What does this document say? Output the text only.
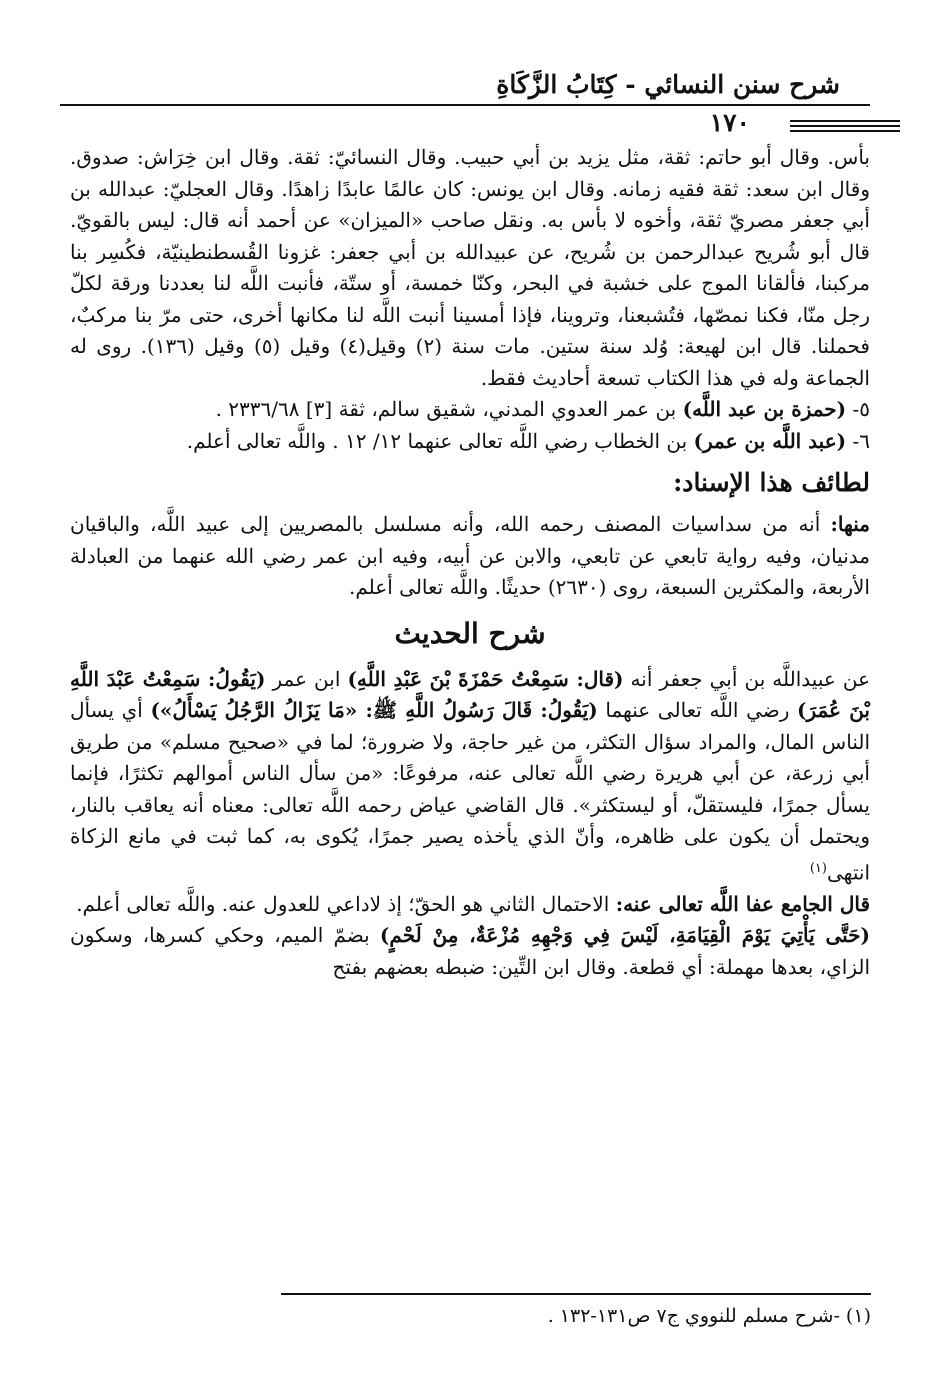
شرح سنن النسائي - كِتَابُ الزَّكَاةِ
١٧٠

بأس. وقال أبو حاتم: ثقة، مثل يزيد بن أبي حبيب. وقال النسائيّ: ثقة. وقال ابن خِرَاش: صدوق. وقال ابن سعد: ثقة فقيه زمانه. وقال ابن يونس: كان عالمًا عابدًا زاهدًا. وقال العجليّ: عبدالله بن أبي جعفر مصريّ ثقة، وأخوه لا بأس به. ونقل صاحب «الميزان» عن أحمد أنه قال: ليس بالقويّ. قال أبو شُريح عبدالرحمن بن شُريح، عن عبيدالله بن أبي جعفر: غزونا القُسطنطينيّة، فكُسِر بنا مركبنا، فألقانا الموج على خشبة في البحر، وكنّا خمسة، أو ستّة، فأنبت اللَّه لنا بعددنا ورقة لكلّ رجل منّا، فكنا نمصّها، فتُشبعنا، وتروينا، فإذا أمسينا أنبت اللَّه لنا مكانها أخرى، حتى مرّ بنا مركبٌ، فحملنا. قال ابن لهيعة: وُلد سنة ستين. مات سنة (٢) وقيل(٤) وقيل (٥) وقيل (١٣٦). روى له الجماعة وله في هذا الكتاب تسعة أحاديث فقط.

٥- (حمزة بن عبد اللَّه) بن عمر العدوي المدني، شقيق سالم، ثقة [٣] ٢٣٣٦/٦٨ .

٦- (عبد اللَّه بن عمر) بن الخطاب رضي اللَّه تعالى عنهما ١٢/ ١٢ . واللَّه تعالى أعلم.

لطائف هذا الإسناد:

منها: أنه من سداسيات المصنف رحمه الله، وأنه مسلسل بالمصريين إلى عبيد اللَّه، والباقيان مدنيان، وفيه رواية تابعي عن تابعي، والابن عن أبيه، وفيه ابن عمر رضي الله عنهما من العبادلة الأربعة، والمكثرين السبعة، روى (٢٦٣٠) حديثًا. واللَّه تعالى أعلم.

شرح الحديث

عن عبيداللَّه بن أبي جعفر أنه (قال: سَمِعْتُ حَمْزَةَ بْنَ عَبْدِ اللَّهِ) ابن عمر (يَقُولُ: سَمِعْتُ عَبْدَ اللَّهِ بْنَ عُمَرَ) رضي اللَّه تعالى عنهما (يَقُولُ: قَالَ رَسُولُ اللَّهِ ﷺ: «مَا يَزَالُ الرَّجُلُ يَسْأَلُ») أي يسأل الناس المال، والمراد سؤال التكثر، من غير حاجة، ولا ضرورة؛ لما في «صحيح مسلم» من طريق أبي زرعة، عن أبي هريرة رضي اللَّه تعالى عنه، مرفوعًا: «من سأل الناس أموالهم تكثرًا، فإنما يسأل جمرًا، فليستقلّ، أو ليستكثر». قال القاضي عياض رحمه اللَّه تعالى: معناه أنه يعاقب بالنار، ويحتمل أن يكون على ظاهره، وأنّ الذي يأخذه يصير جمرًا، يُكوى به، كما ثبت في مانع الزكاة انتهى$^{(١)}$

قال الجامع عفا اللَّه تعالى عنه: الاحتمال الثاني هو الحقّ؛ إذ لاداعي للعدول عنه. واللَّه تعالى أعلم.

(حَتَّى يَأْتِيَ يَوْمَ الْقِيَامَةِ، لَيْسَ فِي وَجْهِهِ مُزْعَةٌ، مِنْ لَحْمٍ) بضمّ الميم، وحكي كسرها، وسكون الزاي، بعدها مهملة: أي قطعة. وقال ابن التِّين: ضبطه بعضهم بفتح

(١) -شرح مسلم للنووي ج٧ ص١٣١-١٣٢ .
